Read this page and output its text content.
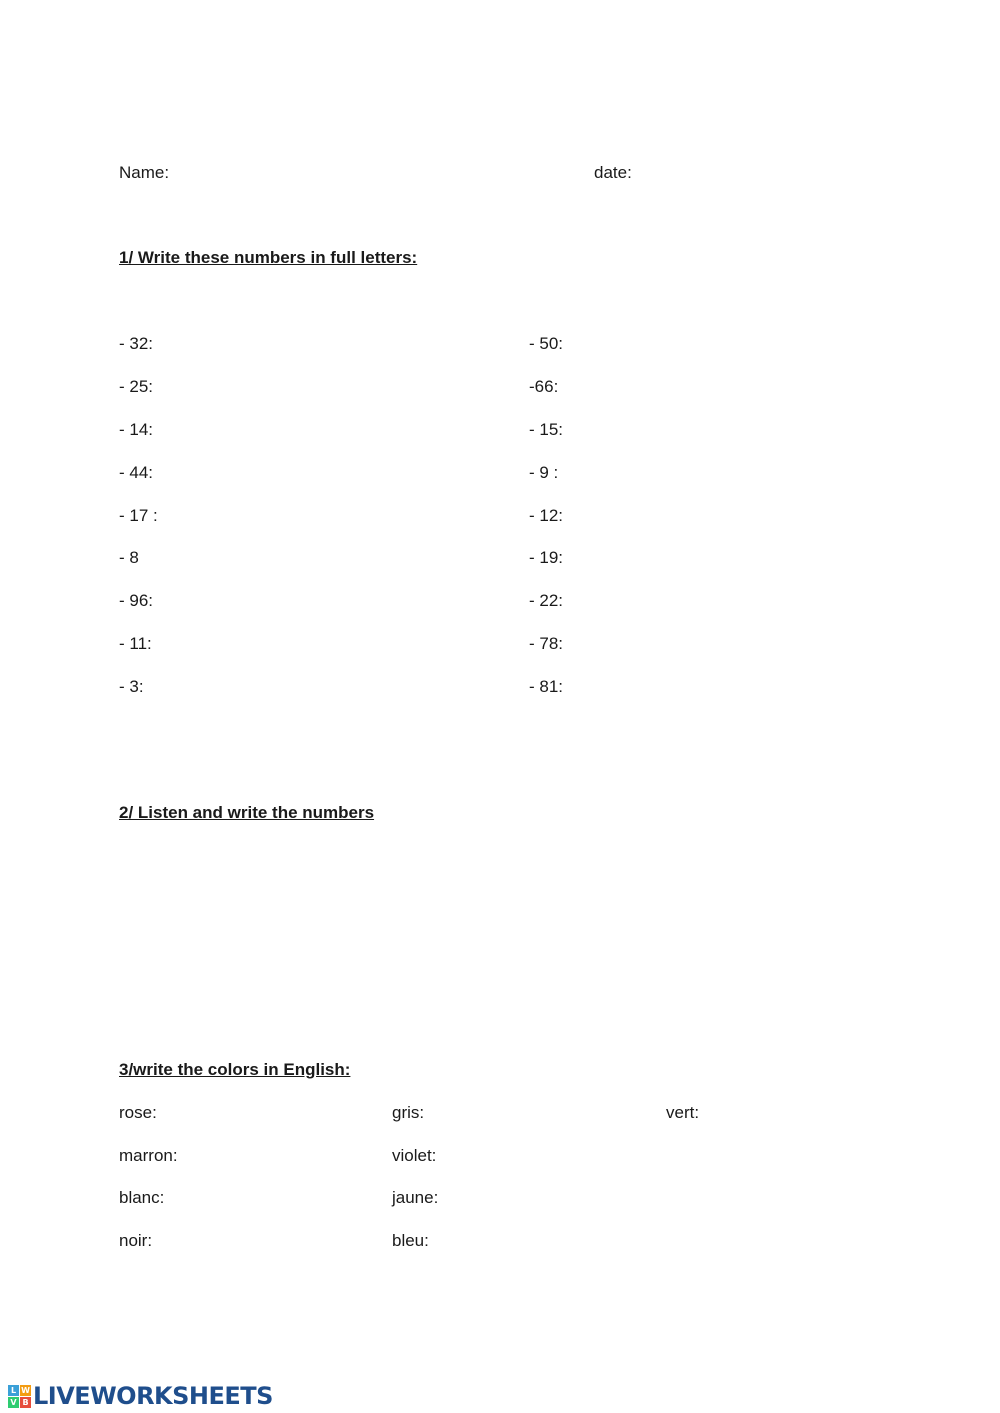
Name:	date:
1/ Write these numbers in full letters:
- 32:
- 25:
- 14:
- 44:
- 17 :
- 8
- 96:
- 11:
- 3:
- 50:
-66:
- 15:
- 9 :
- 12:
- 19:
- 22:
- 78:
- 81:
2/ Listen and write the numbers
3/write the colors in English:
rose:
marron:
blanc:
noir:
gris:
violet:
jaune:
bleu:
vert:
L W
V B LIVEWORKSHEETS
